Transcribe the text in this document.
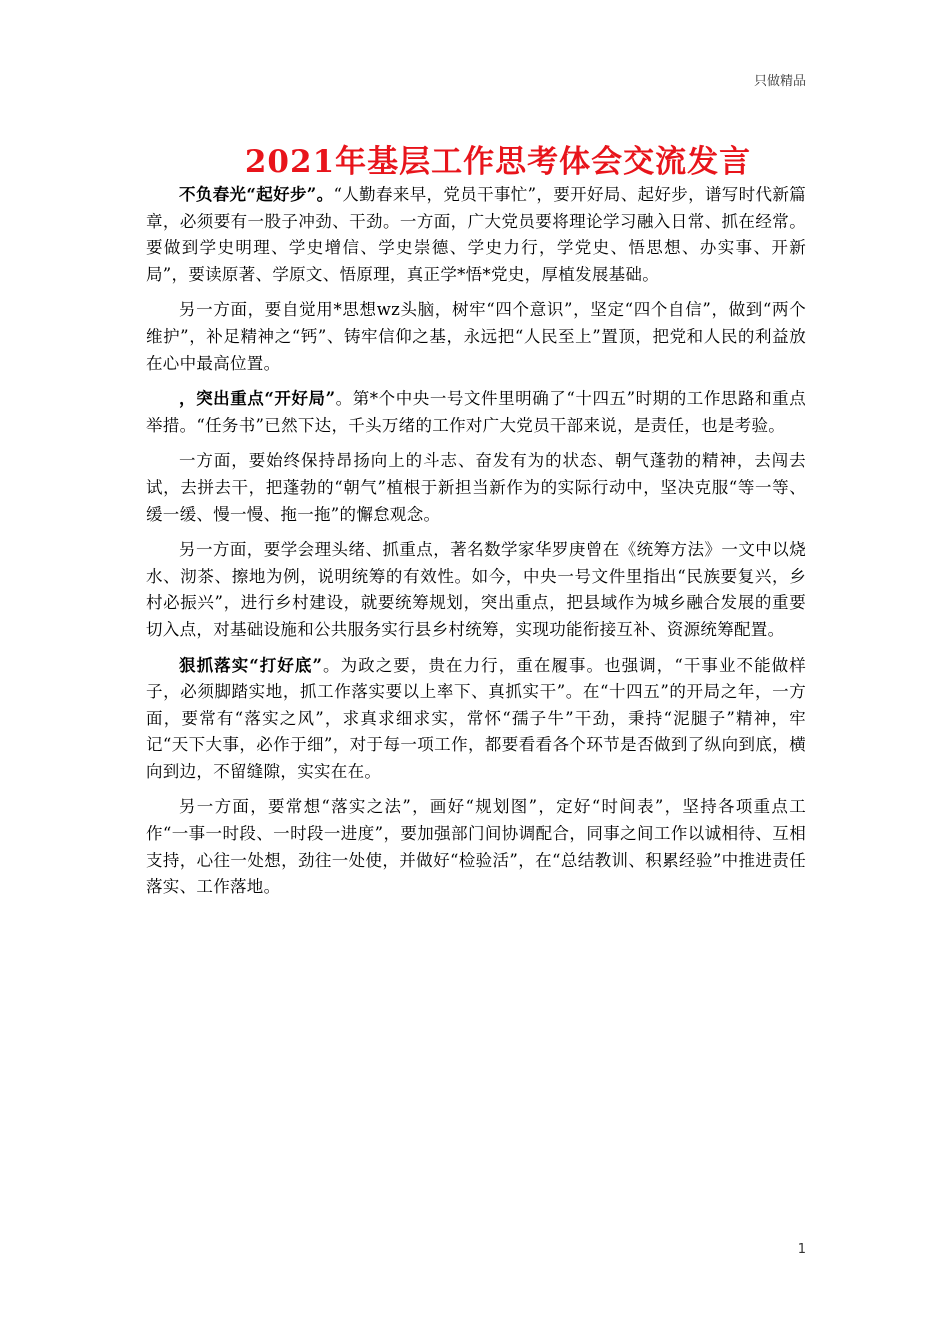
只做精品
2021年基层工作思考体会交流发言

不负春光“起好步”。“人勤春来早，党员干事忙”，要开好局、起好步，谱写时代新篇章，必须要有一股子冲劲、干劲。一方面，广大党员要将理论学习融入日常、抓在经常。要做到学史明理、学史增信、学史崇德、学史力行，学党史、悟思想、办实事、开新局”，要读原著、学原文、悟原理，真正学*悟*党史，厚植发展基础。

另一方面，要自觉用*思想wz头脑，树牢“四个意识”，坚定“四个自信”，做到“两个维护”，补足精神之“钙”、铸牢信仰之基，永远把“人民至上”置顶，把党和人民的利益放在心中最高位置。

，突出重点“开好局”。第*个中央一号文件里明确了“十四五”时期的工作思路和重点举措。“任务书”已然下达，千头万绪的工作对广大党员干部来说，是责任，也是考验。

一方面，要始终保持昂扬向上的斗志、奋发有为的状态、朝气蓬勃的精神，去闯去试，去拼去干，把蓬勃的“朝气”植根于新担当新作为的实际行动中，坚决克服“等一等、缓一缓、慢一慢、拖一拖”的懈怠观念。

另一方面，要学会理头绪、抓重点，著名数学家华罗庚曾在《统筹方法》一文中以烧水、沏茶、擦地为例，说明统筹的有效性。如今，中央一号文件里指出“民族要复兴，乡村必振兴”，进行乡村建设，就要统筹规划，突出重点，把县域作为城乡融合发展的重要切入点，对基础设施和公共服务实行县乡村统筹，实现功能衔接互补、资源统筹配置。

狠抓落实“打好底”。为政之要，贵在力行，重在履事。也强调，“干事业不能做样子，必须脚踏实地，抓工作落实要以上率下、真抓实干”。在“十四五”的开局之年，一方面，要常有“落实之风”，求真求细求实，常怀“孺子牛”干劲，秉持“泥腿子”精神，牢记“天下大事，必作于细”，对于每一项工作，都要看看各个环节是否做到了纵向到底，横向到边，不留缝隙，实实在在。

另一方面，要常想“落实之法”，画好“规划图”，定好“时间表”，坚持各项重点工作“一事一时段、一时段一进度”，要加强部门间协调配合，同事之间工作以诚相待、互相支持，心往一处想，劲往一处使，并做好“检验活”，在“总结教训、积累经验”中推进责任落实、工作落地。

1
